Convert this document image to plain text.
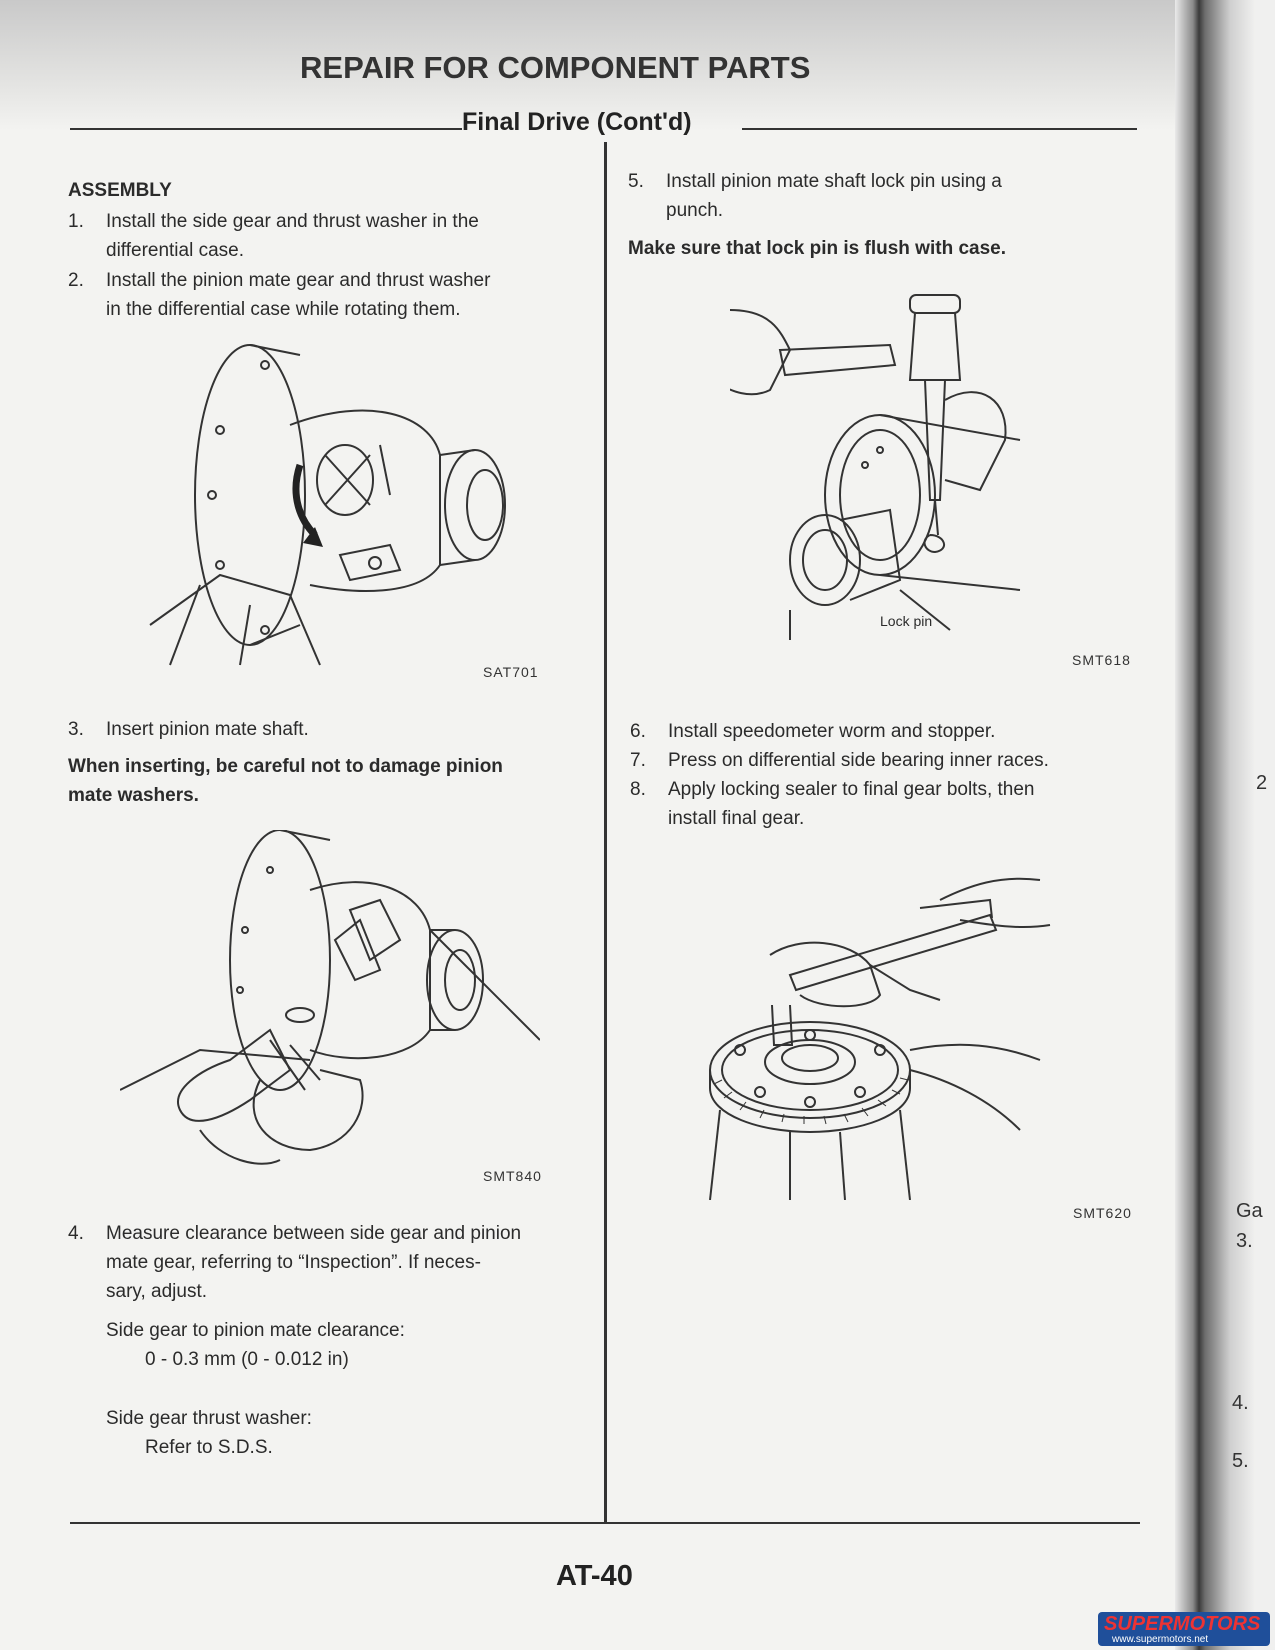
REPAIR FOR COMPONENT PARTS
Final Drive (Cont'd)
ASSEMBLY
1. Install the side gear and thrust washer in the
differential case.
2. Install the pinion mate gear and thrust washer
in the differential case while rotating them.
SAT701
3. Insert pinion mate shaft.
When inserting, be careful not to damage pinion
mate washers.
SMT840
4. Measure clearance between side gear and pinion
mate gear, referring to “Inspection”. If neces-
sary, adjust.
Side gear to pinion mate clearance:
0 - 0.3 mm (0 - 0.012 in)
Side gear thrust washer:
Refer to S.D.S.
5. Install pinion mate shaft lock pin using a
punch.
Make sure that lock pin is flush with case.
Lock pin
SMT618
6. Install speedometer worm and stopper.
7. Press on differential side bearing inner races.
8. Apply locking sealer to final gear bolts, then
install final gear.
SMT620
AT-40
2
Ga
3.
4.
5.
SUPERMOTORS
www.supermotors.net
